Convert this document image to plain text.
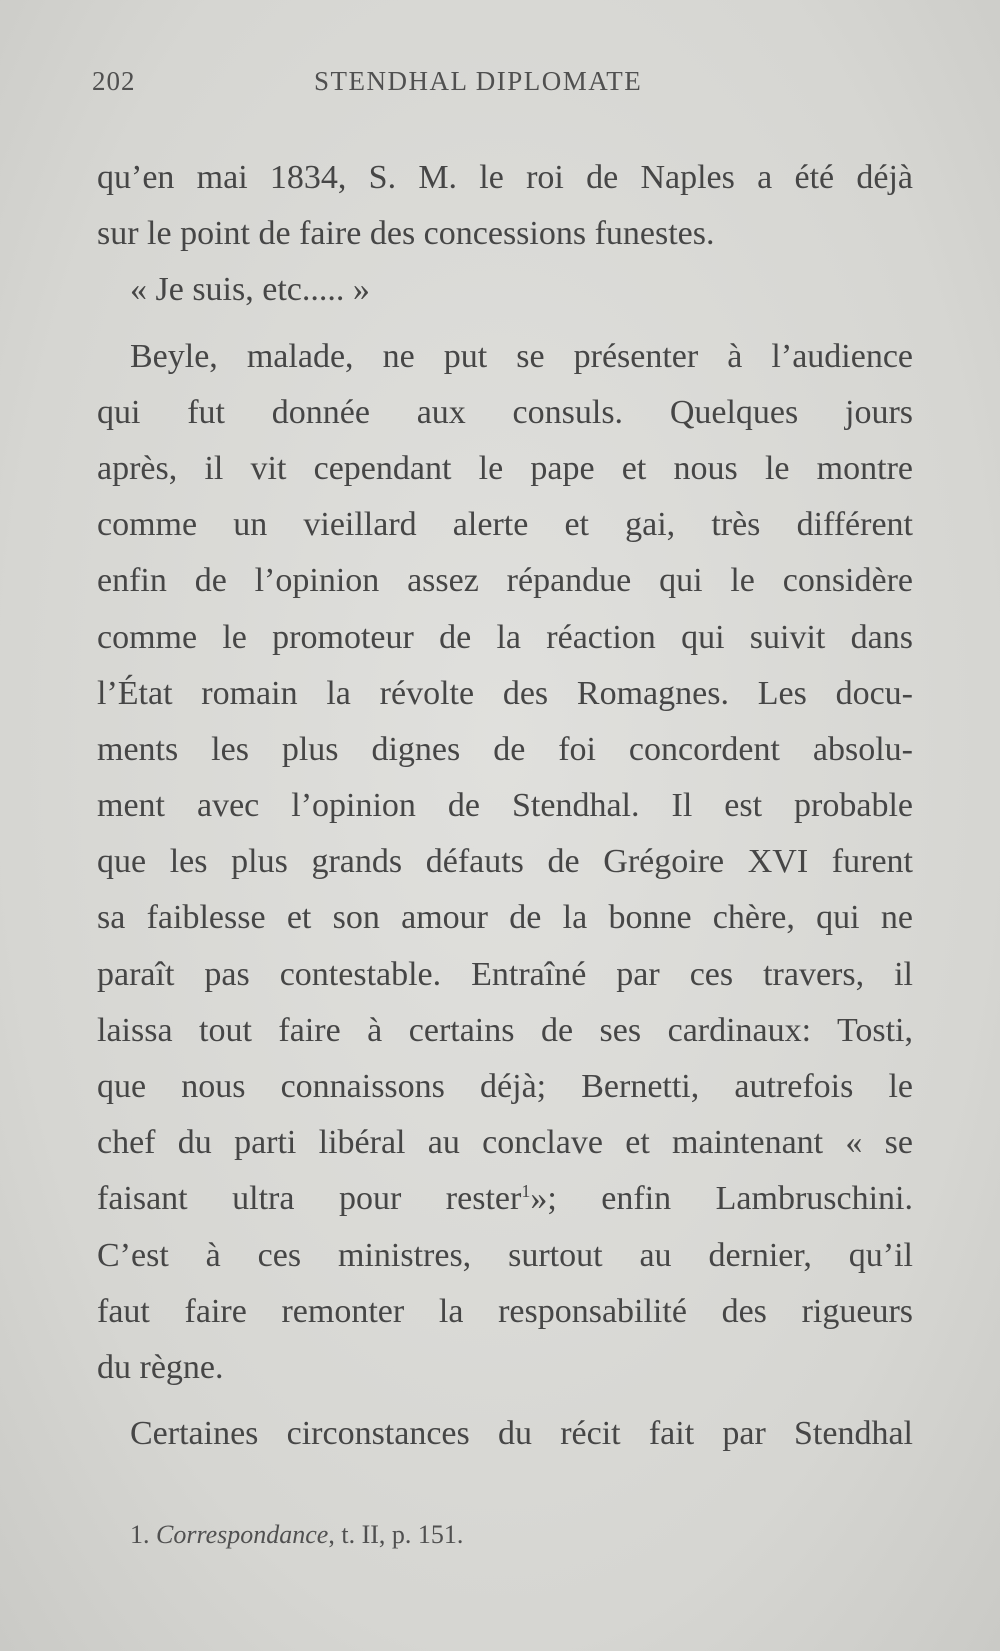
202	STENDHAL DIPLOMATE
qu’en mai 1834, S. M. le roi de Naples a été déjà
sur le point de faire des concessions funestes.
« Je suis, etc..... »
Beyle, malade, ne put se présenter à l’audience
qui fut donnée aux consuls. Quelques jours
après, il vit cependant le pape et nous le montre
comme un vieillard alerte et gai, très différent
enfin de l’opinion assez répandue qui le considère
comme le promoteur de la réaction qui suivit dans
l’État romain la révolte des Romagnes. Les docu-
ments les plus dignes de foi concordent absolu-
ment avec l’opinion de Stendhal. Il est probable
que les plus grands défauts de Grégoire XVI furent
sa faiblesse et son amour de la bonne chère, qui ne
paraît pas contestable. Entraîné par ces travers, il
laissa tout faire à certains de ses cardinaux: Tosti,
que nous connaissons déjà; Bernetti, autrefois le
chef du parti libéral au conclave et maintenant « se
faisant ultra pour rester$^1$»; enfin Lambruschini.
C’est à ces ministres, surtout au dernier, qu’il
faut faire remonter la responsabilité des rigueurs
du règne.
Certaines circonstances du récit fait par Stendhal
1. Correspondance, t. II, p. 151.
